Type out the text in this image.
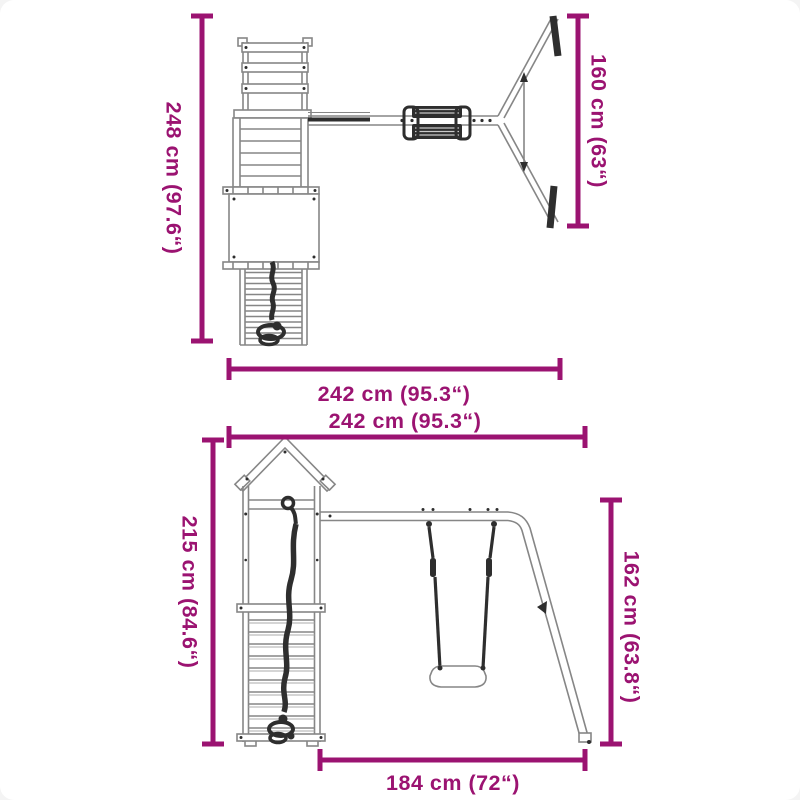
248 cm (97.6“)	160 cm (63“)
242 cm (95.3“)
242 cm (95.3“)
215 cm (84.6“)	162 cm (63.8“)
184 cm (72“)
